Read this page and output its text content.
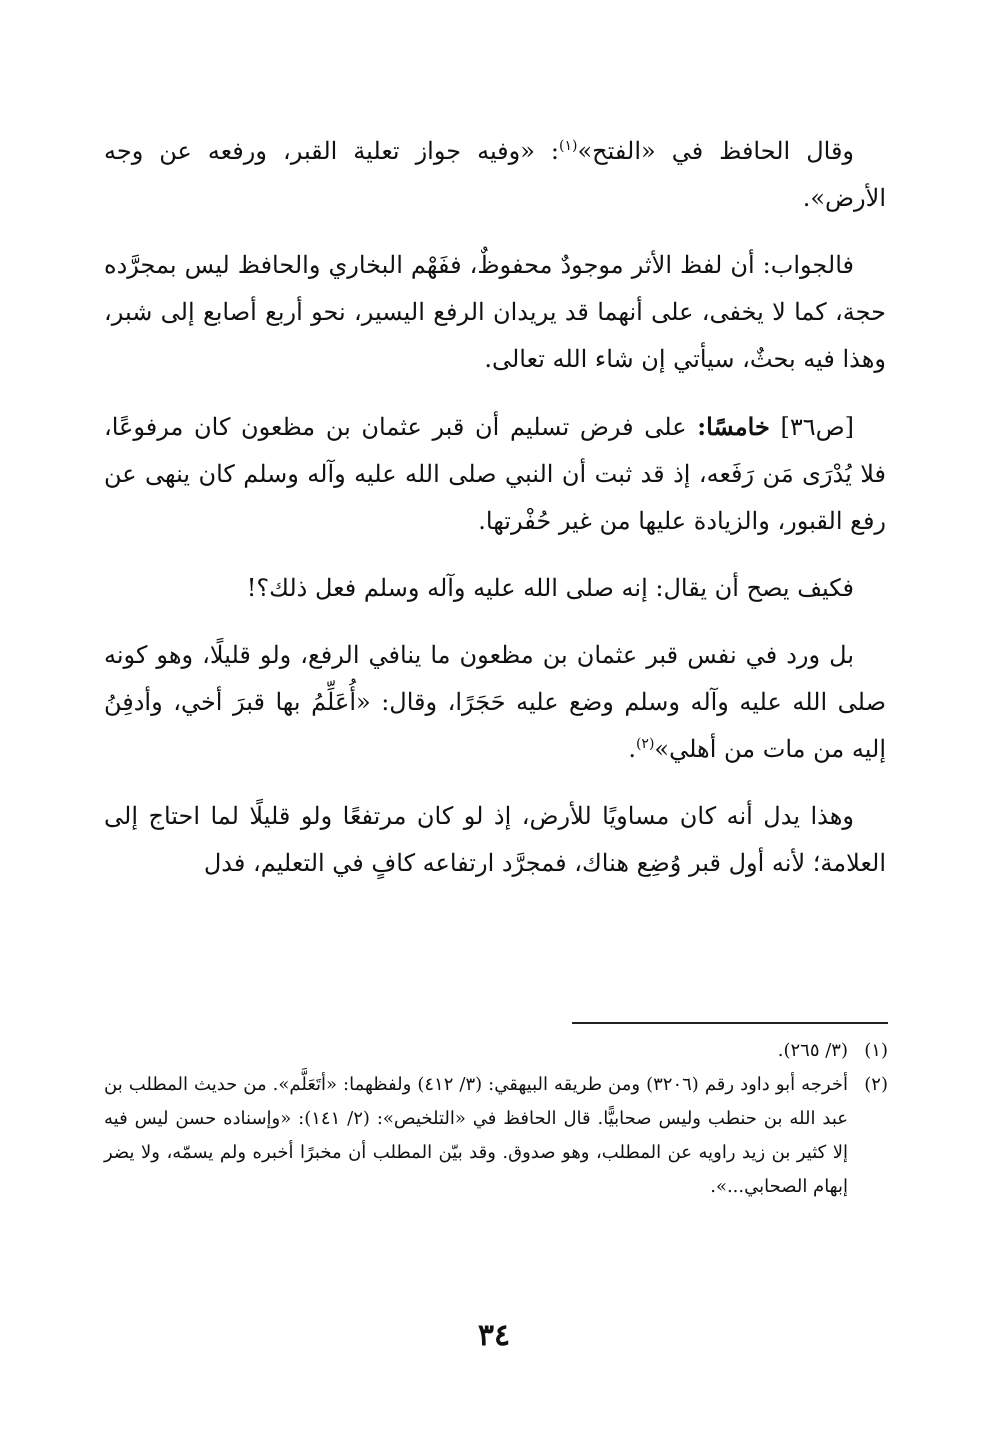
وقال الحافظ في «الفتح»$^{(١)}$: «وفيه جواز تعلية القبر، ورفعه عن وجه الأرض».

فالجواب: أن لفظ الأثر موجودٌ محفوظٌ، ففَهْم البخاري والحافظ ليس بمجرَّده حجة، كما لا يخفى، على أنهما قد يريدان الرفع اليسير، نحو أربع أصابع إلى شبر، وهذا فيه بحثٌ، سيأتي إن شاء الله تعالى.

[ص٣٦] خامسًا: على فرض تسليم أن قبر عثمان بن مظعون كان مرفوعًا، فلا يُدْرَى مَن رَفَعه، إذ قد ثبت أن النبي صلى الله عليه وآله وسلم كان ينهى عن رفع القبور، والزيادة عليها من غير حُفْرتها.

فكيف يصح أن يقال: إنه صلى الله عليه وآله وسلم فعل ذلك؟!

بل ورد في نفس قبر عثمان بن مظعون ما ينافي الرفع، ولو قليلًا، وهو كونه صلى الله عليه وآله وسلم وضع عليه حَجَرًا، وقال: «أُعَلِّمُ بها قبرَ أخي، وأدفِنُ إليه من مات من أهلي»$^{(٢)}$.

وهذا يدل أنه كان مساويًا للأرض، إذ لو كان مرتفعًا ولو قليلًا لما احتاج إلى العلامة؛ لأنه أول قبر وُضِع هناك، فمجرَّد ارتفاعه كافٍ في التعليم، فدل

(١)
(٣/ ٢٦٥).
(٢)
أخرجه أبو داود رقم (٣٢٠٦) ومن طريقه البيهقي: (٣/ ٤١٢) ولفظهما: «أتَعَلَّم». من حديث المطلب بن عبد الله بن حنطب وليس صحابيًّا. قال الحافظ في «التلخيص»: (٢/ ١٤١): «وإسناده حسن ليس فيه إلا كثير بن زيد راويه عن المطلب، وهو صدوق. وقد بيّن المطلب أن مخبرًا أخبره ولم يسمّه، ولا يضر إبهام الصحابي...».
٣٤
